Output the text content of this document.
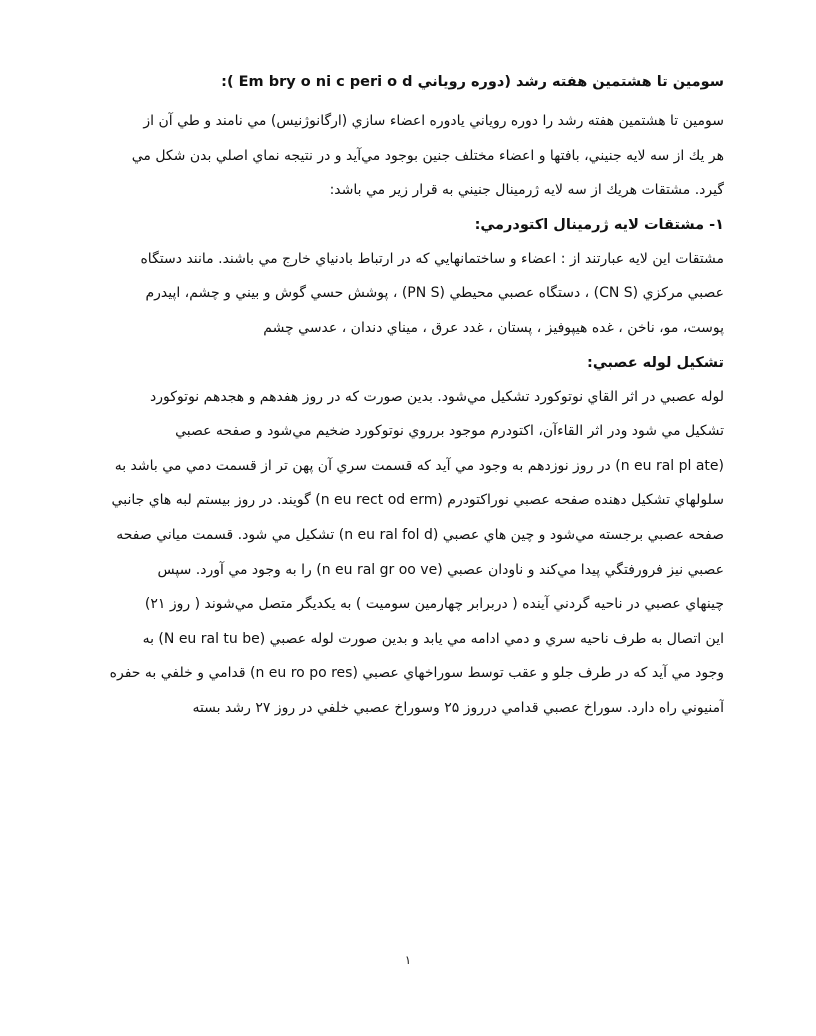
سومين تا هشتمين هفته رشد (دوره روياني Em bry o ni c peri o d ):

سومين تا هشتمين هفته رشد را دوره روياني يادوره اعضاء سازي (ارگانوژنيس) مي نامند و طي آن از
هر يك از سه لايه جنيني، بافتها و اعضاء مختلف جنين بوجود مي‌آيد و در نتيجه نماي اصلي بدن شكل مي
گيرد. مشتقات هريك از سه لايه ژرمينال جنيني به قرار زير مي باشد:

۱- مشتقات لايه ژرمينال اكتودرمي:

مشتقات اين لايه عبارتند از : اعضاء و ساختمانهايي كه در ارتباط بادنياي خارج مي باشند. مانند دستگاه
عصبي مركزي (CN S) ، دستگاه عصبي محيطي (PN S) ، پوشش حسي گوش و بيني و چشم، اپيدرم
پوست، مو، ناخن ، غده هيپوفيز ، پستان ، غدد عرق ، ميناي دندان ، عدسي چشم

تشكيل لوله عصبي:

لوله عصبي در اثر القاي نوتوكورد تشكيل مي‌شود. بدين صورت كه در روز هفدهم و هجدهم نوتوكورد
تشكيل مي شود ودر اثر القاءآن، اكتودرم موجود برروي نوتوكورد ضخيم مي‌شود و صفحه عصبي
(n eu ral pl ate) در روز نوزدهم به وجود مي آيد كه قسمت سري آن پهن تر از قسمت دمي مي باشد به
سلولهاي تشكيل دهنده صفحه عصبي نوراكتودرم (n eu rect od erm) گويند. در روز بيستم لبه هاي جانبي
صفحه عصبي برجسته مي‌شود و چين هاي عصبي (n eu ral fol d) تشكيل مي شود. قسمت مياني صفحه
عصبي نيز فرورفتگي پيدا مي‌كند و ناودان عصبي (n eu ral gr oo ve) را به وجود مي آورد. سپس
چينهاي عصبي در ناحيه گردني آينده ( دربرابر چهارمين سوميت ) به يكديگر متصل مي‌شوند ( روز ۲۱)
اين اتصال به طرف ناحيه سري و دمي ادامه مي يابد و بدين صورت لوله عصبي (N eu ral tu be) به
وجود مي آيد كه در طرف جلو و عقب توسط سوراخهاي عصبي (n eu ro po res) قدامي و خلفي به حفره
آمنيوني راه دارد. سوراخ عصبي قدامي درروز ۲۵ وسوراخ عصبي خلفي در روز ۲۷ رشد بسته
۱
